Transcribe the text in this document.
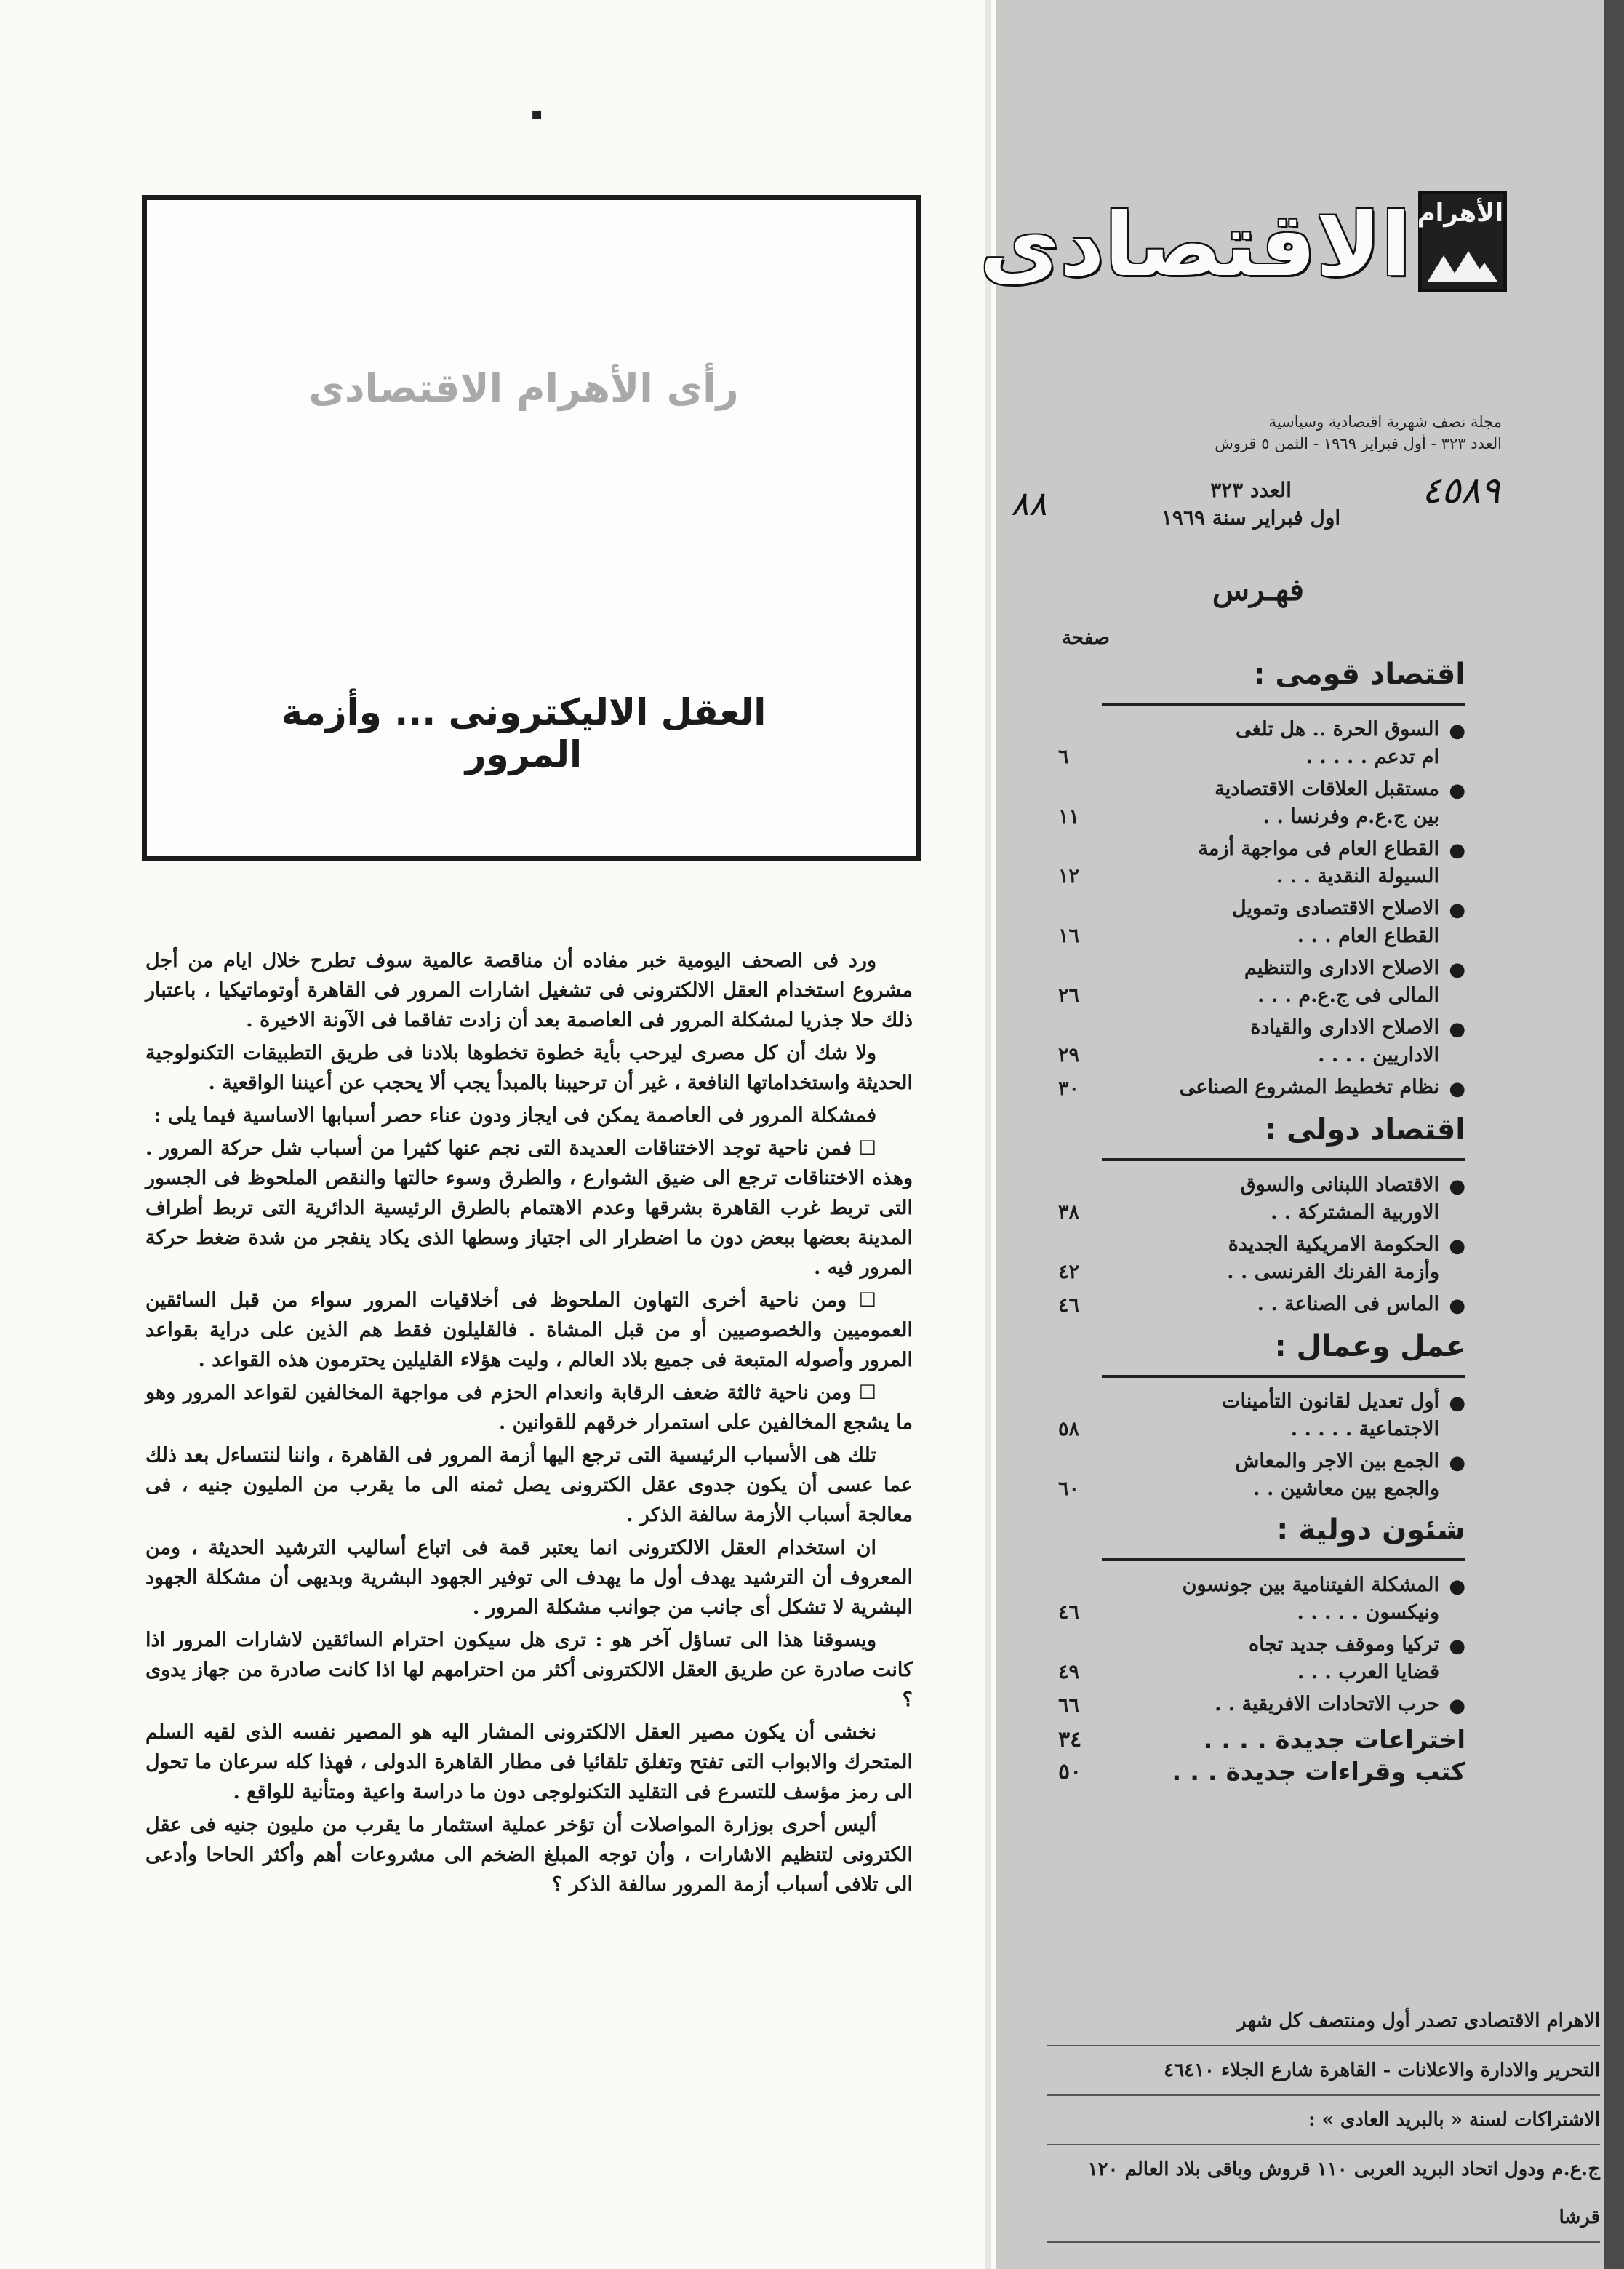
▪
الاقتصادى الأهرام
مجلة نصف شهرية اقتصادية وسياسية
العدد ٣٢٣ - أول فبراير ١٩٦٩ - الثمن ٥ قروش
٨٨	٤٥٨٩
العدد ٣٢٣
اول فبراير سنة ١٩٦٩
فهـرس
صفحة
اقتصاد قومى :
●
السوق الحرة .. هل تلغى
ام تدعم . . . . .
٦
●
مستقبل العلاقات الاقتصادية
بين ج.ع.م وفرنسا . .
١١
●
القطاع العام فى مواجهة أزمة
السيولة النقدية . . .
١٢
●
الاصلاح الاقتصادى وتمويل
القطاع العام . . .
١٦
●
الاصلاح الادارى والتنظيم
المالى فى ج.ع.م . . .
٢٦
●
الاصلاح الادارى والقيادة
الاداريين . . . .
٢٩
●
نظام تخطيط المشروع الصناعى
٣٠
اقتصاد دولى :
●
الاقتصاد اللبنانى والسوق
الاوربية المشتركة . .
٣٨
●
الحكومة الامريكية الجديدة
وأزمة الفرنك الفرنسى . .
٤٢
●
الماس فى الصناعة . .
٤٦
عمل وعمال :
●
أول تعديل لقانون التأمينات
الاجتماعية . . . . .
٥٨
●
الجمع بين الاجر والمعاش
والجمع بين معاشين . .
٦٠
شئون دولية :
●
المشكلة الفيتنامية بين جونسون
ونيكسون . . . . .
٤٦
●
تركيا وموقف جديد تجاه
قضايا العرب . . .
٤٩
●
حرب الاتحادات الافريقية . .
٦٦
اختراعات جديدة . . . .
٣٤
كتب وقراءات جديدة . . .
٥٠
الاهرام الاقتصادى تصدر أول ومنتصف كل شهر
التحرير والادارة والاعلانات - القاهرة شارع الجلاء ٤٦٤١٠
الاشتراكات لسنة « بالبريد العادى » :
ج.ع.م ودول اتحاد البريد العربى ١١٠ قروش وباقى بلاد العالم ١٢٠ قرشا
رأى الأهرام الاقتصادى
العقل الاليكترونى ... وأزمة المرور

ورد فى الصحف اليومية خبر مفاده أن مناقصة عالمية سوف تطرح خلال ايام من أجل مشروع استخدام العقل الالكترونى فى تشغيل اشارات المرور فى القاهرة أوتوماتيكيا ، باعتبار ذلك حلا جذريا لمشكلة المرور فى العاصمة بعد أن زادت تفاقما فى الآونة الاخيرة .

ولا شك أن كل مصرى ليرحب بأية خطوة تخطوها بلادنا فى طريق التطبيقات التكنولوجية الحديثة واستخداماتها النافعة ، غير أن ترحيبنا بالمبدأ يجب ألا يحجب عن أعيننا الواقعية .

فمشكلة المرور فى العاصمة يمكن فى ايجاز ودون عناء حصر أسبابها الاساسية فيما يلى :

☐ فمن ناحية توجد الاختناقات العديدة التى نجم عنها كثيرا من أسباب شل حركة المرور . وهذه الاختناقات ترجع الى ضيق الشوارع ، والطرق وسوء حالتها والنقص الملحوظ فى الجسور التى تربط غرب القاهرة بشرقها وعدم الاهتمام بالطرق الرئيسية الدائرية التى تربط أطراف المدينة بعضها ببعض دون ما اضطرار الى اجتياز وسطها الذى يكاد ينفجر من شدة ضغط حركة المرور فيه .

☐ ومن ناحية أخرى التهاون الملحوظ فى أخلاقيات المرور سواء من قبل السائقين العموميين والخصوصيين أو من قبل المشاة . فالقليلون فقط هم الذين على دراية بقواعد المرور وأصوله المتبعة فى جميع بلاد العالم ، وليت هؤلاء القليلين يحترمون هذه القواعد .

☐ ومن ناحية ثالثة ضعف الرقابة وانعدام الحزم فى مواجهة المخالفين لقواعد المرور وهو ما يشجع المخالفين على استمرار خرقهم للقوانين .

تلك هى الأسباب الرئيسية التى ترجع اليها أزمة المرور فى القاهرة ، واننا لنتساءل بعد ذلك عما عسى أن يكون جدوى عقل الكترونى يصل ثمنه الى ما يقرب من المليون جنيه ، فى معالجة أسباب الأزمة سالفة الذكر .

ان استخدام العقل الالكترونى انما يعتبر قمة فى اتباع أساليب الترشيد الحديثة ، ومن المعروف أن الترشيد يهدف أول ما يهدف الى توفير الجهود البشرية وبديهى أن مشكلة الجهود البشرية لا تشكل أى جانب من جوانب مشكلة المرور .

ويسوقنا هذا الى تساؤل آخر هو : ترى هل سيكون احترام السائقين لاشارات المرور اذا كانت صادرة عن طريق العقل الالكترونى أكثر من احترامهم لها اذا كانت صادرة من جهاز يدوى ؟

نخشى أن يكون مصير العقل الالكترونى المشار اليه هو المصير نفسه الذى لقيه السلم المتحرك والابواب التى تفتح وتغلق تلقائيا فى مطار القاهرة الدولى ، فهذا كله سرعان ما تحول الى رمز مؤسف للتسرع فى التقليد التكنولوجى دون ما دراسة واعية ومتأنية للواقع .

أليس أحرى بوزارة المواصلات أن تؤخر عملية استثمار ما يقرب من مليون جنيه فى عقل الكترونى لتنظيم الاشارات ، وأن توجه المبلغ الضخم الى مشروعات أهم وأكثر الحاحا وأدعى الى تلافى أسباب أزمة المرور سالفة الذكر ؟
